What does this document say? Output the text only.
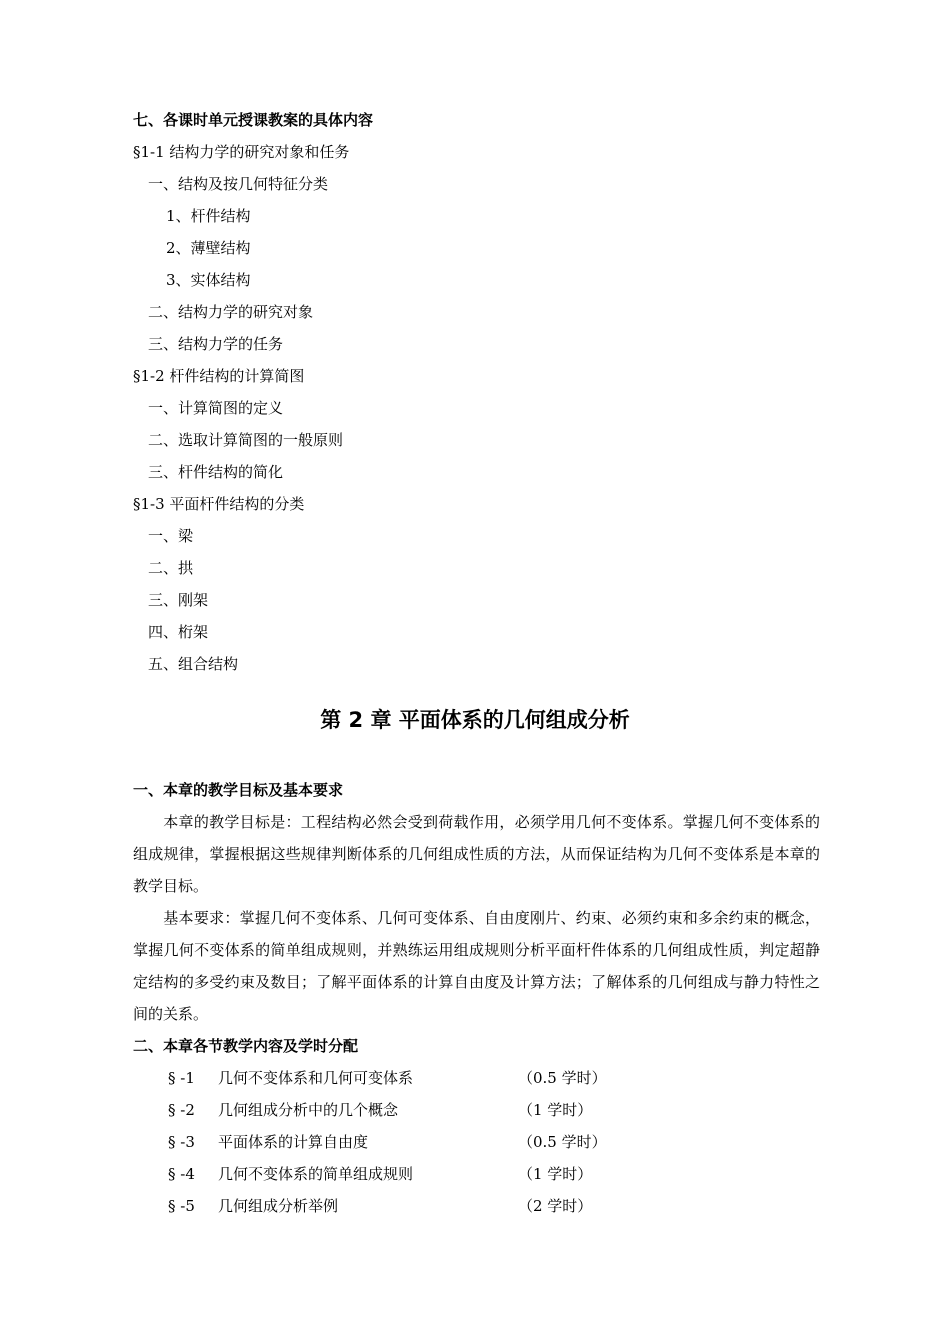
七、各课时单元授课教案的具体内容
§1-1 结构力学的研究对象和任务
一、结构及按几何特征分类
1、杆件结构
2、薄壁结构
3、实体结构
二、结构力学的研究对象
三、结构力学的任务
§1-2 杆件结构的计算简图
一、计算简图的定义
二、选取计算简图的一般原则
三、杆件结构的简化
§1-3 平面杆件结构的分类
一、梁
二、拱
三、刚架
四、桁架
五、组合结构
第 2 章 平面体系的几何组成分析
一、本章的教学目标及基本要求
本章的教学目标是：工程结构必然会受到荷载作用，必须学用几何不变体系。掌握几何不变体系的组成规律，掌握根据这些规律判断体系的几何组成性质的方法，从而保证结构为几何不变体系是本章的教学目标。
基本要求：掌握几何不变体系、几何可变体系、自由度刚片、约束、必须约束和多余约束的概念，掌握几何不变体系的简单组成规则，并熟练运用组成规则分析平面杆件体系的几何组成性质，判定超静定结构的多受约束及数目；了解平面体系的计算自由度及计算方法；了解体系的几何组成与静力特性之间的关系。
二、本章各节教学内容及学时分配
§ -1 几何不变体系和几何可变体系	（0.5 学时）
§ -2 几何组成分析中的几个概念	（1 学时）
§ -3 平面体系的计算自由度	（0.5 学时）
§ -4 几何不变体系的简单组成规则	（1 学时）
§ -5 几何组成分析举例	（2 学时）
